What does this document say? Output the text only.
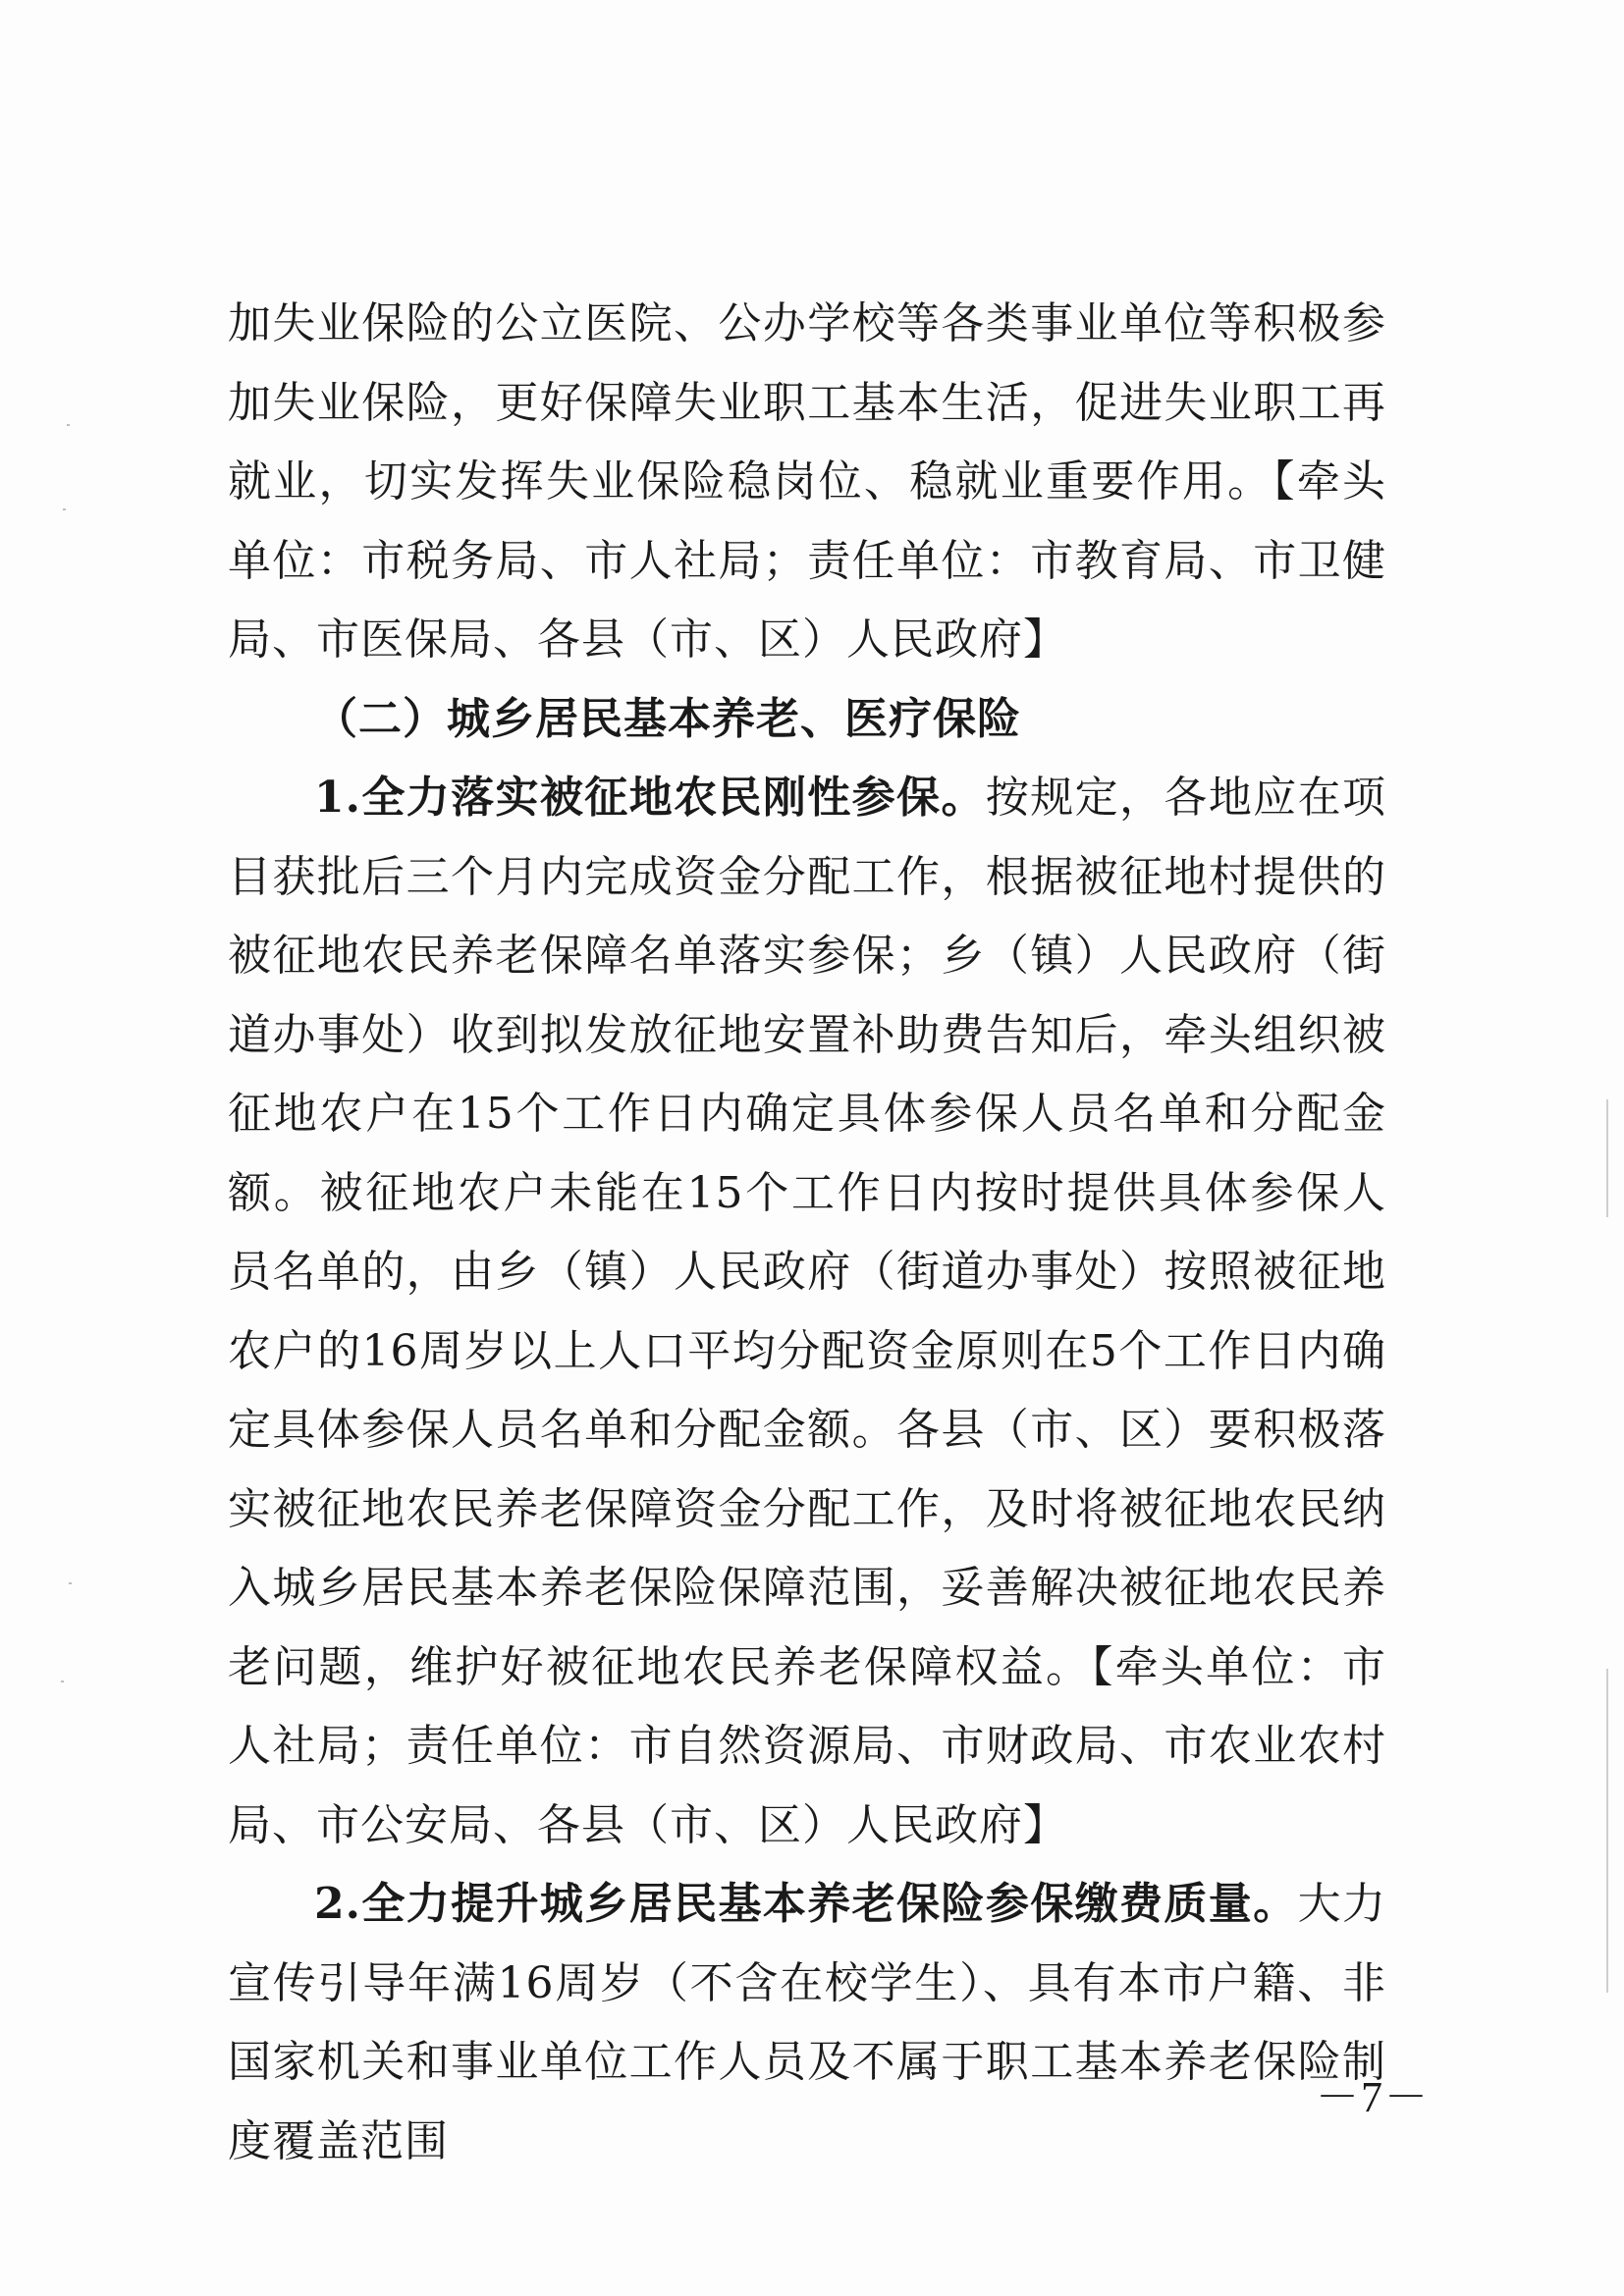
加失业保险的公立医院、公办学校等各类事业单位等积极参加失业保险，更好保障失业职工基本生活，促进失业职工再就业，切实发挥失业保险稳岗位、稳就业重要作用。【牵头单位：市税务局、市人社局；责任单位：市教育局、市卫健局、市医保局、各县（市、区）人民政府】

（二）城乡居民基本养老、医疗保险

1.全力落实被征地农民刚性参保。按规定，各地应在项目获批后三个月内完成资金分配工作，根据被征地村提供的被征地农民养老保障名单落实参保；乡（镇）人民政府（街道办事处）收到拟发放征地安置补助费告知后，牵头组织被征地农户在15个工作日内确定具体参保人员名单和分配金额。被征地农户未能在15个工作日内按时提供具体参保人员名单的，由乡（镇）人民政府（街道办事处）按照被征地农户的16周岁以上人口平均分配资金原则在5个工作日内确定具体参保人员名单和分配金额。各县（市、区）要积极落实被征地农民养老保障资金分配工作，及时将被征地农民纳入城乡居民基本养老保险保障范围，妥善解决被征地农民养老问题，维护好被征地农民养老保障权益。【牵头单位：市人社局；责任单位：市自然资源局、市财政局、市农业农村局、市公安局、各县（市、区）人民政府】

2.全力提升城乡居民基本养老保险参保缴费质量。大力宣传引导年满16周岁（不含在校学生）、具有本市户籍、非国家机关和事业单位工作人员及不属于职工基本养老保险制度覆盖范围

－7－
